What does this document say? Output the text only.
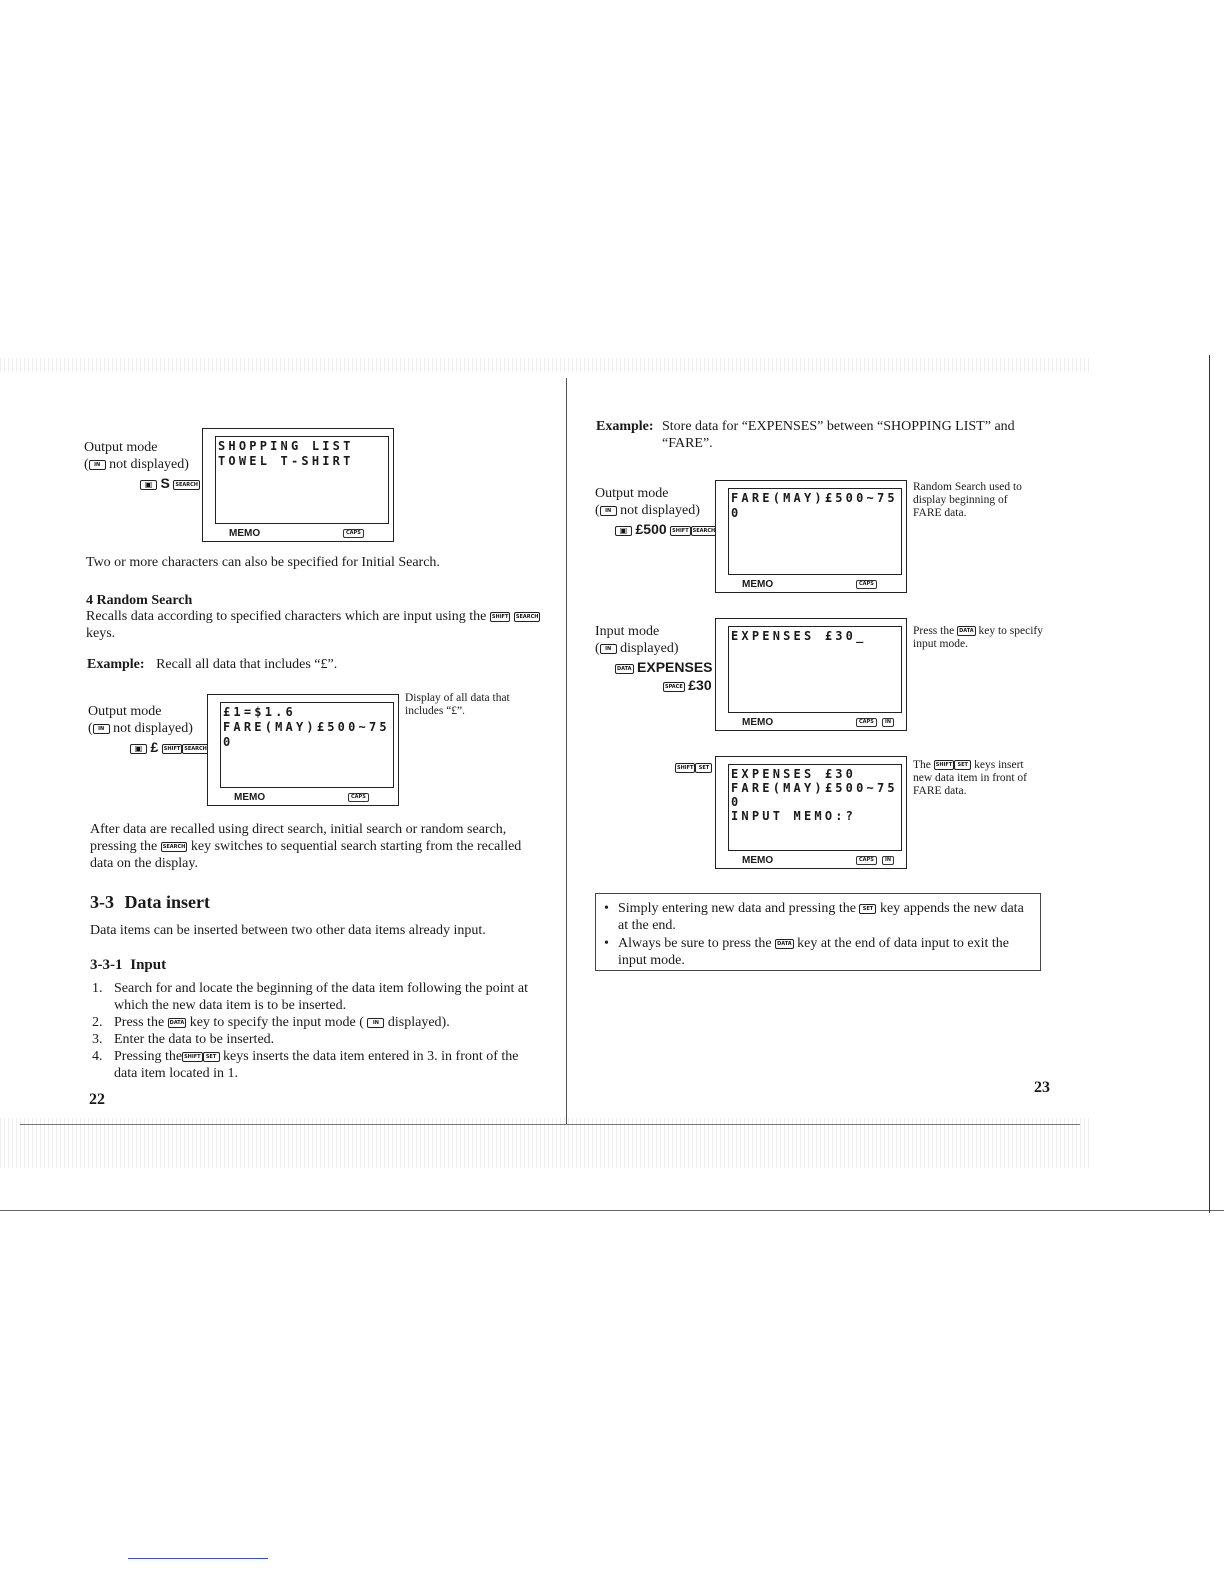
Output mode
( IN not displayed)
▣ S SEARCH
SHOPPING LIST
TOWEL T-SHIRT
MEMO	CAPS
Two or more characters can also be specified for Initial Search.
4 Random Search
Recalls data according to specified characters which are input using the SHIFT SEARCH keys.
Example: Recall all data that includes “£”.
Output mode
( IN not displayed)
▣ £ SHIFT SEARCH
£1=$1.6
FARE(MAY)£500~75
0
MEMO	CAPS
Display of all data that includes “£”.
After data are recalled using direct search, initial search or random search, pressing the SEARCH key switches to sequential search starting from the recalled data on the display.
3-3 Data insert
Data items can be inserted between two other data items already input.
3-3-1 Input
1. Search for and locate the beginning of the data item following the point at which the new data item is to be inserted.
2. Press the DATA key to specify the input mode ( IN displayed).
3. Enter the data to be inserted.
4. Pressing the SHIFT SET keys inserts the data item entered in 3. in front of the data item located in 1.
22
Example: Store data for “EXPENSES” between “SHOPPING LIST” and “FARE”.
Output mode
( IN not displayed)
▣ £500 SHIFT SEARCH
FARE(MAY)£500~75
0
MEMO	CAPS
Random Search used to display beginning of FARE data.
Input mode
( IN displayed)
DATA EXPENSES
SPACE £30
EXPENSES £30_
MEMO	CAPS	IN
Press the DATA key to specify input mode.
SHIFT SET EXPENSES £30
FARE(MAY)£500~75
0
INPUT MEMO:?
MEMO	CAPS	IN
The SHIFT SET keys insert new data item in front of FARE data.
• Simply entering new data and pressing the SET key appends the new data at the end.
• Always be sure to press the DATA key at the end of data input to exit the input mode.
23
